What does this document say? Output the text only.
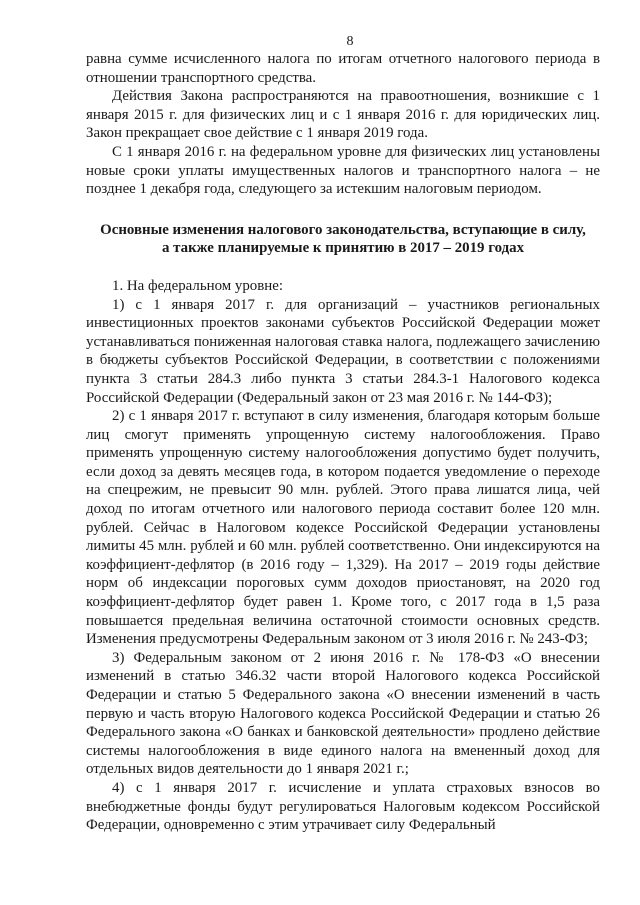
8

равна сумме исчисленного налога по итогам отчетного налогового периода в отношении транспортного средства.

Действия Закона распространяются на правоотношения, возникшие с 1 января 2015 г. для физических лиц и с 1 января 2016 г. для юридических лиц. Закон прекращает свое действие с 1 января 2019 года.

С 1 января 2016 г. на федеральном уровне для физических лиц установлены новые сроки уплаты имущественных налогов и транспортного налога – не позднее 1 декабря года, следующего за истекшим налоговым периодом.

Основные изменения налогового законодательства, вступающие в силу,
а также планируемые к принятию в 2017 – 2019 годах

1. На федеральном уровне:

1) с 1 января 2017 г. для организаций – участников региональных инвестиционных проектов законами субъектов Российской Федерации может устанавливаться пониженная налоговая ставка налога, подлежащего зачислению в бюджеты субъектов Российской Федерации, в соответствии с положениями пункта 3 статьи 284.3 либо пункта 3 статьи 284.3-1 Налогового кодекса Российской Федерации (Федеральный закон от 23 мая 2016 г. № 144-ФЗ);

2) с 1 января 2017 г. вступают в силу изменения, благодаря которым больше лиц смогут применять упрощенную систему налогообложения. Право применять упрощенную систему налогообложения допустимо будет получить, если доход за девять месяцев года, в котором подается уведомление о переходе на спецрежим, не превысит 90 млн. рублей. Этого права лишатся лица, чей доход по итогам отчетного или налогового периода составит более 120 млн. рублей. Сейчас в Налоговом кодексе Российской Федерации установлены лимиты 45 млн. рублей и 60 млн. рублей соответственно. Они индексируются на коэффициент-дефлятор (в 2016 году – 1,329). На 2017 – 2019 годы действие норм об индексации пороговых сумм доходов приостановят, на 2020 год коэффициент-дефлятор будет равен 1. Кроме того, с 2017 года в 1,5 раза повышается предельная величина остаточной стоимости основных средств. Изменения предусмотрены Федеральным законом от 3 июля 2016 г. № 243-ФЗ;

3) Федеральным законом от 2 июня 2016 г. № 178-ФЗ «О внесении изменений в статью 346.32 части второй Налогового кодекса Российской Федерации и статью 5 Федерального закона «О внесении изменений в часть первую и часть вторую Налогового кодекса Российской Федерации и статью 26 Федерального закона «О банках и банковской деятельности» продлено действие системы налогообложения в виде единого налога на вмененный доход для отдельных видов деятельности до 1 января 2021 г.;

4) с 1 января 2017 г. исчисление и уплата страховых взносов во внебюджетные фонды будут регулироваться Налоговым кодексом Российской Федерации, одновременно с этим утрачивает силу Федеральный
